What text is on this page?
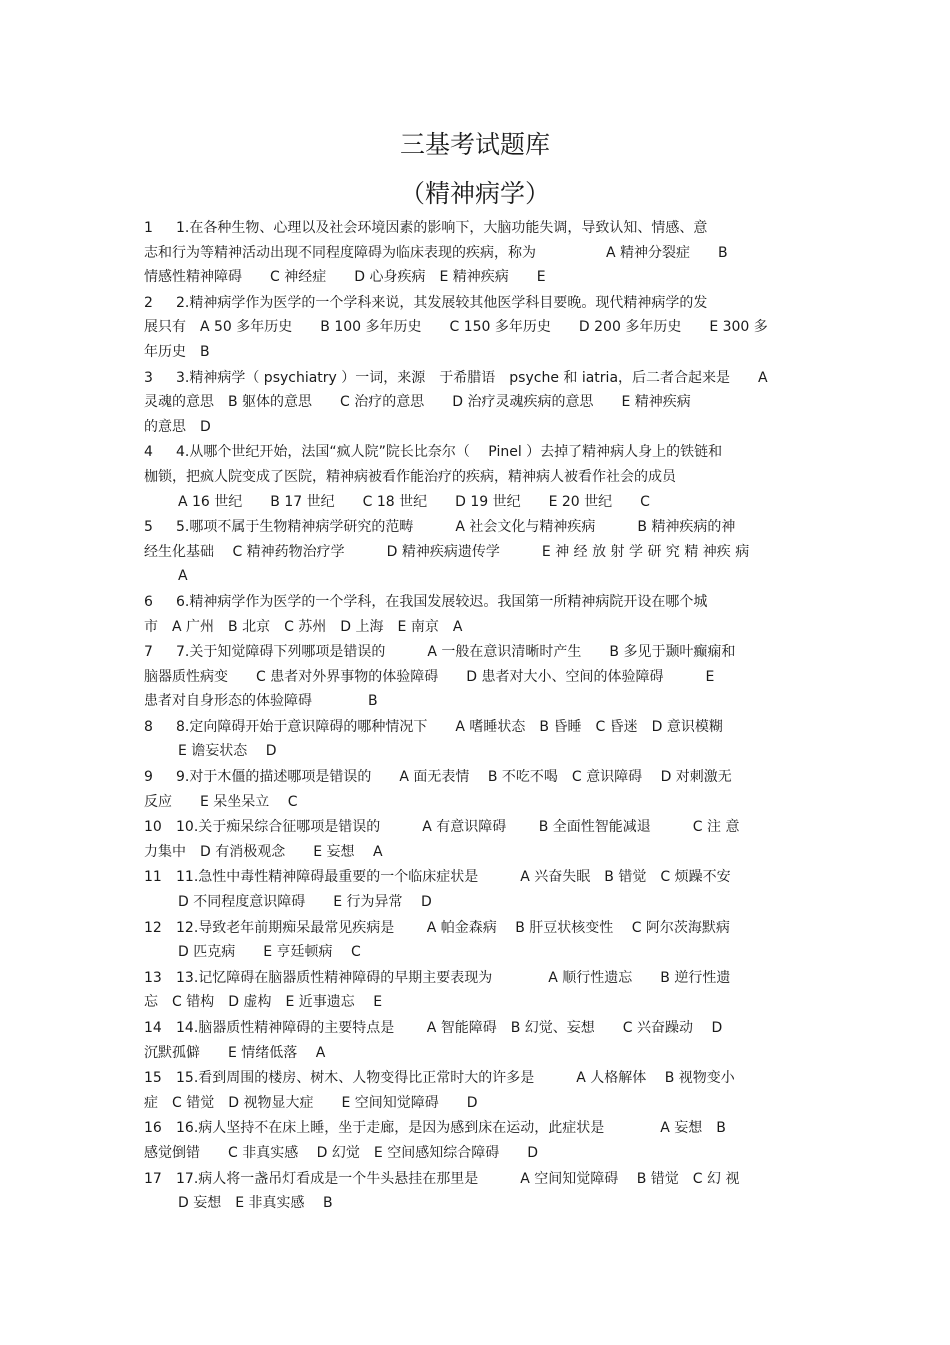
三基考试题库
（精神病学）
1 1.在各种生物、心理以及社会环境因素的影响下，大脑功能失调，导致认知、情感、意
志和行为等精神活动出现不同程度障碍为临床表现的疾病，称为　　　　　A 精神分裂症　　B
情感性精神障碍　　C 神经症　　D 心身疾病　E 精神疾病　　E
2 2.精神病学作为医学的一个学科来说，其发展较其他医学科目要晚。现代精神病学的发
展只有　A 50 多年历史　　B 100 多年历史　　C 150 多年历史　　D 200 多年历史　　E 300 多
年历史　B
3 3.精神病学（ psychiatry ）一词，来源　于希腊语　psyche 和 iatria，后二者合起来是　　A
灵魂的意思　B 躯体的意思　　C 治疗的意思　　D 治疗灵魂疾病的意思　　E 精神疾病
的意思　D
4 4.从哪个世纪开始，法国“疯人院”院长比奈尔（　 Pinel ）去掉了精神病人身上的铁链和
枷锁，把疯人院变成了医院，精神病被看作能治疗的疾病，精神病人被看作社会的成员
A 16 世纪　　B 17 世纪　　C 18 世纪　　D 19 世纪　　E 20 世纪　　C
5 5.哪项不属于生物精神病学研究的范畴　　　A 社会文化与精神疾病　　　B 精神疾病的神
经生化基础　 C 精神药物治疗学　　　D 精神疾病遗传学　　　E 神 经 放 射 学 研 究 精 神疾 病
A
6 6.精神病学作为医学的一个学科，在我国发展较迟。我国第一所精神病院开设在哪个城
市　A 广州　B 北京　C 苏州　D 上海　E 南京　A
7 7.关于知觉障碍下列哪项是错误的　　　A 一般在意识清晰时产生　　B 多见于颞叶癫痫和
脑器质性病变　　C 患者对外界事物的体验障碍　　D 患者对大小、空间的体验障碍　　　E
患者对自身形态的体验障碍　　　　B
8 8.定向障碍开始于意识障碍的哪种情况下　　A 嗜睡状态　B 昏睡　C 昏迷　D 意识模糊
E 谵妄状态　 D
9 9.对于木僵的描述哪项是错误的　　A 面无表情　 B 不吃不喝　C 意识障碍　 D 对刺激无
反应　　E 呆坐呆立　 C
10 10.关于痴呆综合征哪项是错误的　　　A 有意识障碍　　 B 全面性智能减退　　　C 注 意
力集中　D 有消极观念　　E 妄想　 A
11 11.急性中毒性精神障碍最重要的一个临床症状是　　　A 兴奋失眠　B 错觉　C 烦躁不安
D 不同程度意识障碍　　E 行为异常　 D
12 12.导致老年前期痴呆最常见疾病是　　 A 帕金森病　 B 肝豆状核变性　 C 阿尔茨海默病
D 匹克病　　E 亨廷顿病　 C
13 13.记忆障碍在脑器质性精神障碍的早期主要表现为　　　　A 顺行性遗忘　　B 逆行性遗
忘　C 错构　D 虚构　E 近事遗忘　 E
14 14.脑器质性精神障碍的主要特点是　　 A 智能障碍　B 幻觉、妄想　　C 兴奋躁动　 D
沉默孤僻　　E 情绪低落　 A
15 15.看到周围的楼房、树木、人物变得比正常时大的许多是　　　A 人格解体　 B 视物变小
症　C 错觉　D 视物显大症　　E 空间知觉障碍　　D
16 16.病人坚持不在床上睡，坐于走廊，是因为感到床在运动，此症状是　　　　A 妄想　B
感觉倒错　　C 非真实感　 D 幻觉　E 空间感知综合障碍　　D
17 17.病人将一盏吊灯看成是一个牛头悬挂在那里是　　　A 空间知觉障碍　 B 错觉　C 幻 视
D 妄想　E 非真实感　 B
